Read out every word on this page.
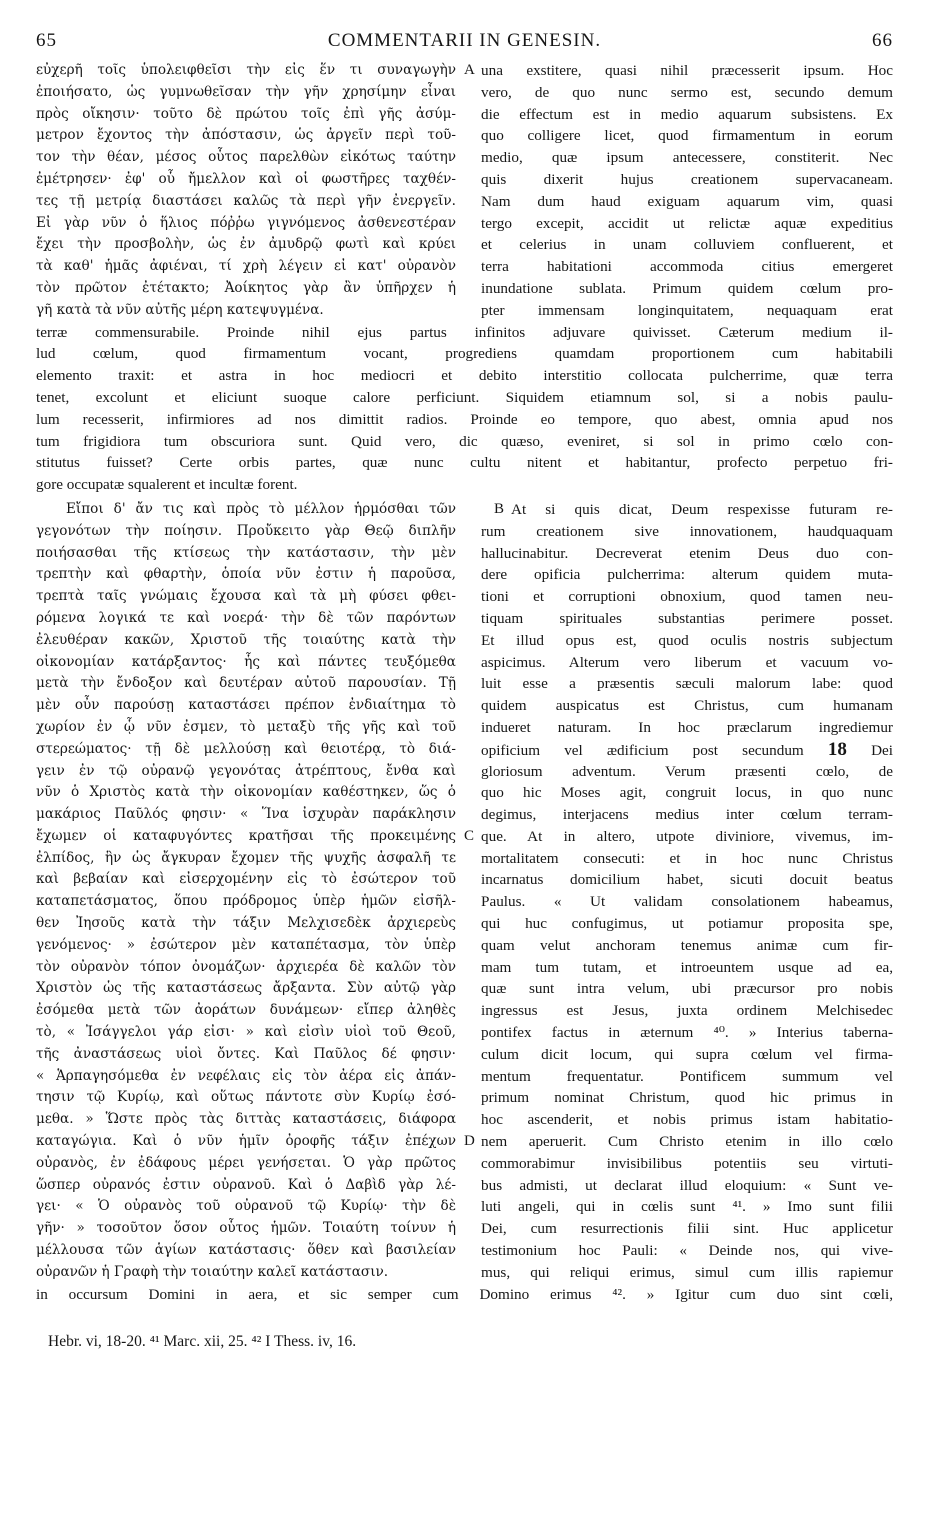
65	COMMENTARII IN GENESIN.	66
εὐχερῆ τοῖς ὑπολειφθεῖσι τὴν εἰς ἕν τι συναγωγὴν
ἐποιήσατο, ὡς γυμνωθεῖσαν τὴν γῆν χρησίμην εἶναι
πρὸς οἴκησιν· τοῦτο δὲ πρώτου τοῖς ἐπὶ γῆς ἀσύμ-
μετρον ἔχοντος τὴν ἀπόστασιν, ὡς ἀργεῖν περὶ τοῦ-
τον τὴν θέαν, μέσος οὗτος παρελθὼν εἰκότως ταύτην
ἐμέτρησεν· ἐφ' οὗ ἤμελλον καὶ οἱ φωστῆρες ταχθέν-
τες τῇ μετρίᾳ διαστάσει καλῶς τὰ περὶ γῆν ἐνεργεῖν.
Εἰ γὰρ νῦν ὁ ἥλιος πόῤῥω γιγνόμενος ἀσθενεστέραν
ἔχει τὴν προσβολὴν, ὡς ἐν ἀμυδρῷ φωτὶ καὶ κρύει
τὰ καθ' ἡμᾶς ἀφιέναι, τί χρὴ λέγειν εἰ κατ' οὐρανὸν
τὸν πρῶτον ἐτέτακτο; Ἀοίκητος γὰρ ἂν ὑπῆρχεν ἡ
γῆ κατὰ τὰ νῦν αὐτῆς μέρη κατεψυγμένα.
una exstitere, quasi nihil præcesserit ipsum. Hoc
A
vero, de quo nunc sermo est, secundo demum
die effectum est in medio aquarum subsistens. Ex
quo colligere licet, quod firmamentum in eorum
medio, quæ ipsum antecessere, constiterit. Nec
quis dixerit hujus creationem supervacaneam.
Nam dum haud exiguam aquarum vim, quasi
tergo excepit, accidit ut relictæ aquæ expeditius
et celerius in unam colluviem confluerent, et
terra habitationi accommoda citius emergeret
inundatione sublata. Primum quidem cœlum pro-
pter immensam longinquitatem, nequaquam erat
terræ commensurabile. Proinde nihil ejus partus infinitos adjuvare quivisset. Cæterum medium il-
lud cœlum, quod firmamentum vocant, progrediens quamdam proportionem cum habitabili
elemento traxit: et astra in hoc mediocri et debito interstitio collocata pulcherrime, quæ terra
tenet, excolunt et eliciunt suoque calore perficiunt. Siquidem etiamnum sol, si a nobis paulu-
lum recesserit, infirmiores ad nos dimittit radios. Proinde eo tempore, quo abest, omnia apud nos
tum frigidiora tum obscuriora sunt. Quid vero, dic quæso, eveniret, si sol in primo cœlo con-
stitutus fuisset? Certe orbis partes, quæ nunc cultu nitent et habitantur, profecto perpetuo fri-
gore occupatæ squalerent et incultæ forent.
Εἴποι δ' ἄν τις καὶ πρὸς τὸ μέλλον ἡρμόσθαι τῶν
γεγονότων τὴν ποίησιν. Προὔκειτο γὰρ Θεῷ διπλῆν
ποιήσασθαι τῆς κτίσεως τὴν κατάστασιν, τὴν μὲν
τρεπτὴν καὶ φθαρτὴν, ὁποία νῦν ἐστιν ἡ παροῦσα,
τρεπτὰ ταῖς γνώμαις ἔχουσα καὶ τὰ μὴ φύσει φθει-
ρόμενα λογικά τε καὶ νοερά· τὴν δὲ τῶν παρόντων
ἐλευθέραν κακῶν, Χριστοῦ τῆς τοιαύτης κατὰ τὴν
οἰκονομίαν κατάρξαντος· ἧς καὶ πάντες τευξόμεθα
μετὰ τὴν ἔνδοξον καὶ δευτέραν αὐτοῦ παρουσίαν. Τῇ
μὲν οὖν παρούσῃ καταστάσει πρέπον ἐνδιαίτημα τὸ
χωρίον ἐν ᾧ νῦν ἐσμεν, τὸ μεταξὺ τῆς γῆς καὶ τοῦ
στερεώματος· τῇ δὲ μελλούσῃ καὶ θειοτέρᾳ, τὸ διά-
γειν ἐν τῷ οὐρανῷ γεγονότας ἀτρέπτους, ἔνθα καὶ
νῦν ὁ Χριστὸς κατὰ τὴν οἰκονομίαν καθέστηκεν, ὥς ὁ
μακάριος Παῦλός φησιν· « Ἵνα ἰσχυρὰν παράκλησιν
ἔχωμεν οἱ καταφυγόντες κρατῆσαι τῆς προκειμένης
ἐλπίδος, ἣν ὡς ἄγκυραν ἔχομεν τῆς ψυχῆς ἀσφαλῆ τε
καὶ βεβαίαν καὶ εἰσερχομένην εἰς τὸ ἐσώτερον τοῦ
καταπετάσματος, ὅπου πρόδρομος ὑπὲρ ἡμῶν εἰσῆλ-
θεν Ἰησοῦς κατὰ τὴν τάξιν Μελχισεδὲκ ἀρχιερεὺς
γενόμενος· » ἐσώτερον μὲν καταπέτασμα, τὸν ὑπὲρ
τὸν οὐρανὸν τόπον ὀνομάζων· ἀρχιερέα δὲ καλῶν τὸν
Χριστὸν ὡς τῆς καταστάσεως ἄρξαντα. Σὺν αὐτῷ γὰρ
ἐσόμεθα μετὰ τῶν ἀοράτων δυνάμεων· εἴπερ ἀληθὲς
τὸ, « Ἰσάγγελοι γάρ εἰσι· » καὶ εἰσὶν υἱοὶ τοῦ Θεοῦ,
τῆς ἀναστάσεως υἱοὶ ὄντες. Καὶ Παῦλος δέ φησιν·
« Ἁρπαγησόμεθα ἐν νεφέλαις εἰς τὸν ἀέρα εἰς ἀπάν-
τησιν τῷ Κυρίῳ, καὶ οὕτως πάντοτε σὺν Κυρίῳ ἐσό-
μεθα. » Ὥστε πρὸς τὰς διττὰς καταστάσεις, διάφορα
καταγώγια. Καὶ ὁ νῦν ἡμῖν ὀροφῆς τάξιν ἐπέχων
οὐρανὸς, ἐν ἐδάφους μέρει γενήσεται. Ὁ γὰρ πρῶτος
ὥσπερ οὐρανός ἐστιν οὐρανοῦ. Καὶ ὁ Δαβὶδ γὰρ λέ-
γει· « Ὁ οὐρανὸς τοῦ οὐρανοῦ τῷ Κυρίῳ· τὴν δὲ
γῆν· » τοσοῦτον ὅσον οὗτος ἡμῶν. Τοιαύτη τοίνυν ἡ
μέλλουσα τῶν ἁγίων κατάστασις· ὅθεν καὶ βασιλείαν
οὐρανῶν ἡ Γραφὴ τὴν τοιαύτην καλεῖ κατάστασιν.
At si quis dicat, Deum respexisse futuram re-
B
rum creationem sive innovationem, haudquaquam
hallucinabitur. Decreverat etenim Deus duo con-
dere opificia pulcherrima: alterum quidem muta-
tioni et corruptioni obnoxium, quod tamen neu-
tiquam spirituales substantias perimere posset.
Et illud opus est, quod oculis nostris subjectum
aspicimus. Alterum vero liberum et vacuum vo-
luit esse a præsentis sæculi malorum labe: quod
quidem auspicatus est Christus, cum humanam
indueret naturam. In hoc præclarum ingrediemur
opificium vel ædificium post secundum 18 Dei
gloriosum adventum. Verum præsenti cœlo, de
quo hic Moses agit, congruit locus, in quo nunc
degimus, interjacens medius inter cœlum terram-
que. At in altero, utpote diviniore, vivemus, im-
C
mortalitatem consecuti: et in hoc nunc Christus
incarnatus domicilium habet, sicuti docuit beatus
Paulus. « Ut validam consolationem habeamus,
qui huc confugimus, ut potiamur proposita spe,
quam velut anchoram tenemus animæ cum fir-
mam tum tutam, et introeuntem usque ad ea,
quæ sunt intra velum, ubi præcursor pro nobis
ingressus est Jesus, juxta ordinem Melchisedec
pontifex factus in æternum ⁴⁰. » Interius taberna-
culum dicit locum, qui supra cœlum vel firma-
mentum frequentatur. Pontificem summum vel
primum nominat Christum, quod hic primus in
hoc ascenderit, et nobis primus istam habitatio-
nem aperuerit. Cum Christo etenim in illo cœlo
D
commorabimur invisibilibus potentiis seu virtuti-
bus admisti, ut declarat illud eloquium: « Sunt ve-
luti angeli, qui in cœlis sunt ⁴¹. » Imo sunt filii
Dei, cum resurrectionis filii sint. Huc applicetur
testimonium hoc Pauli: « Deinde nos, qui vive-
mus, qui reliqui erimus, simul cum illis rapiemur
in occursum Domini in aera, et sic semper cum Domino erimus ⁴². » Igitur cum duo sint cœli,
Hebr. vi, 18-20. ⁴¹ Marc. xii, 25. ⁴² I Thess. iv, 16.
